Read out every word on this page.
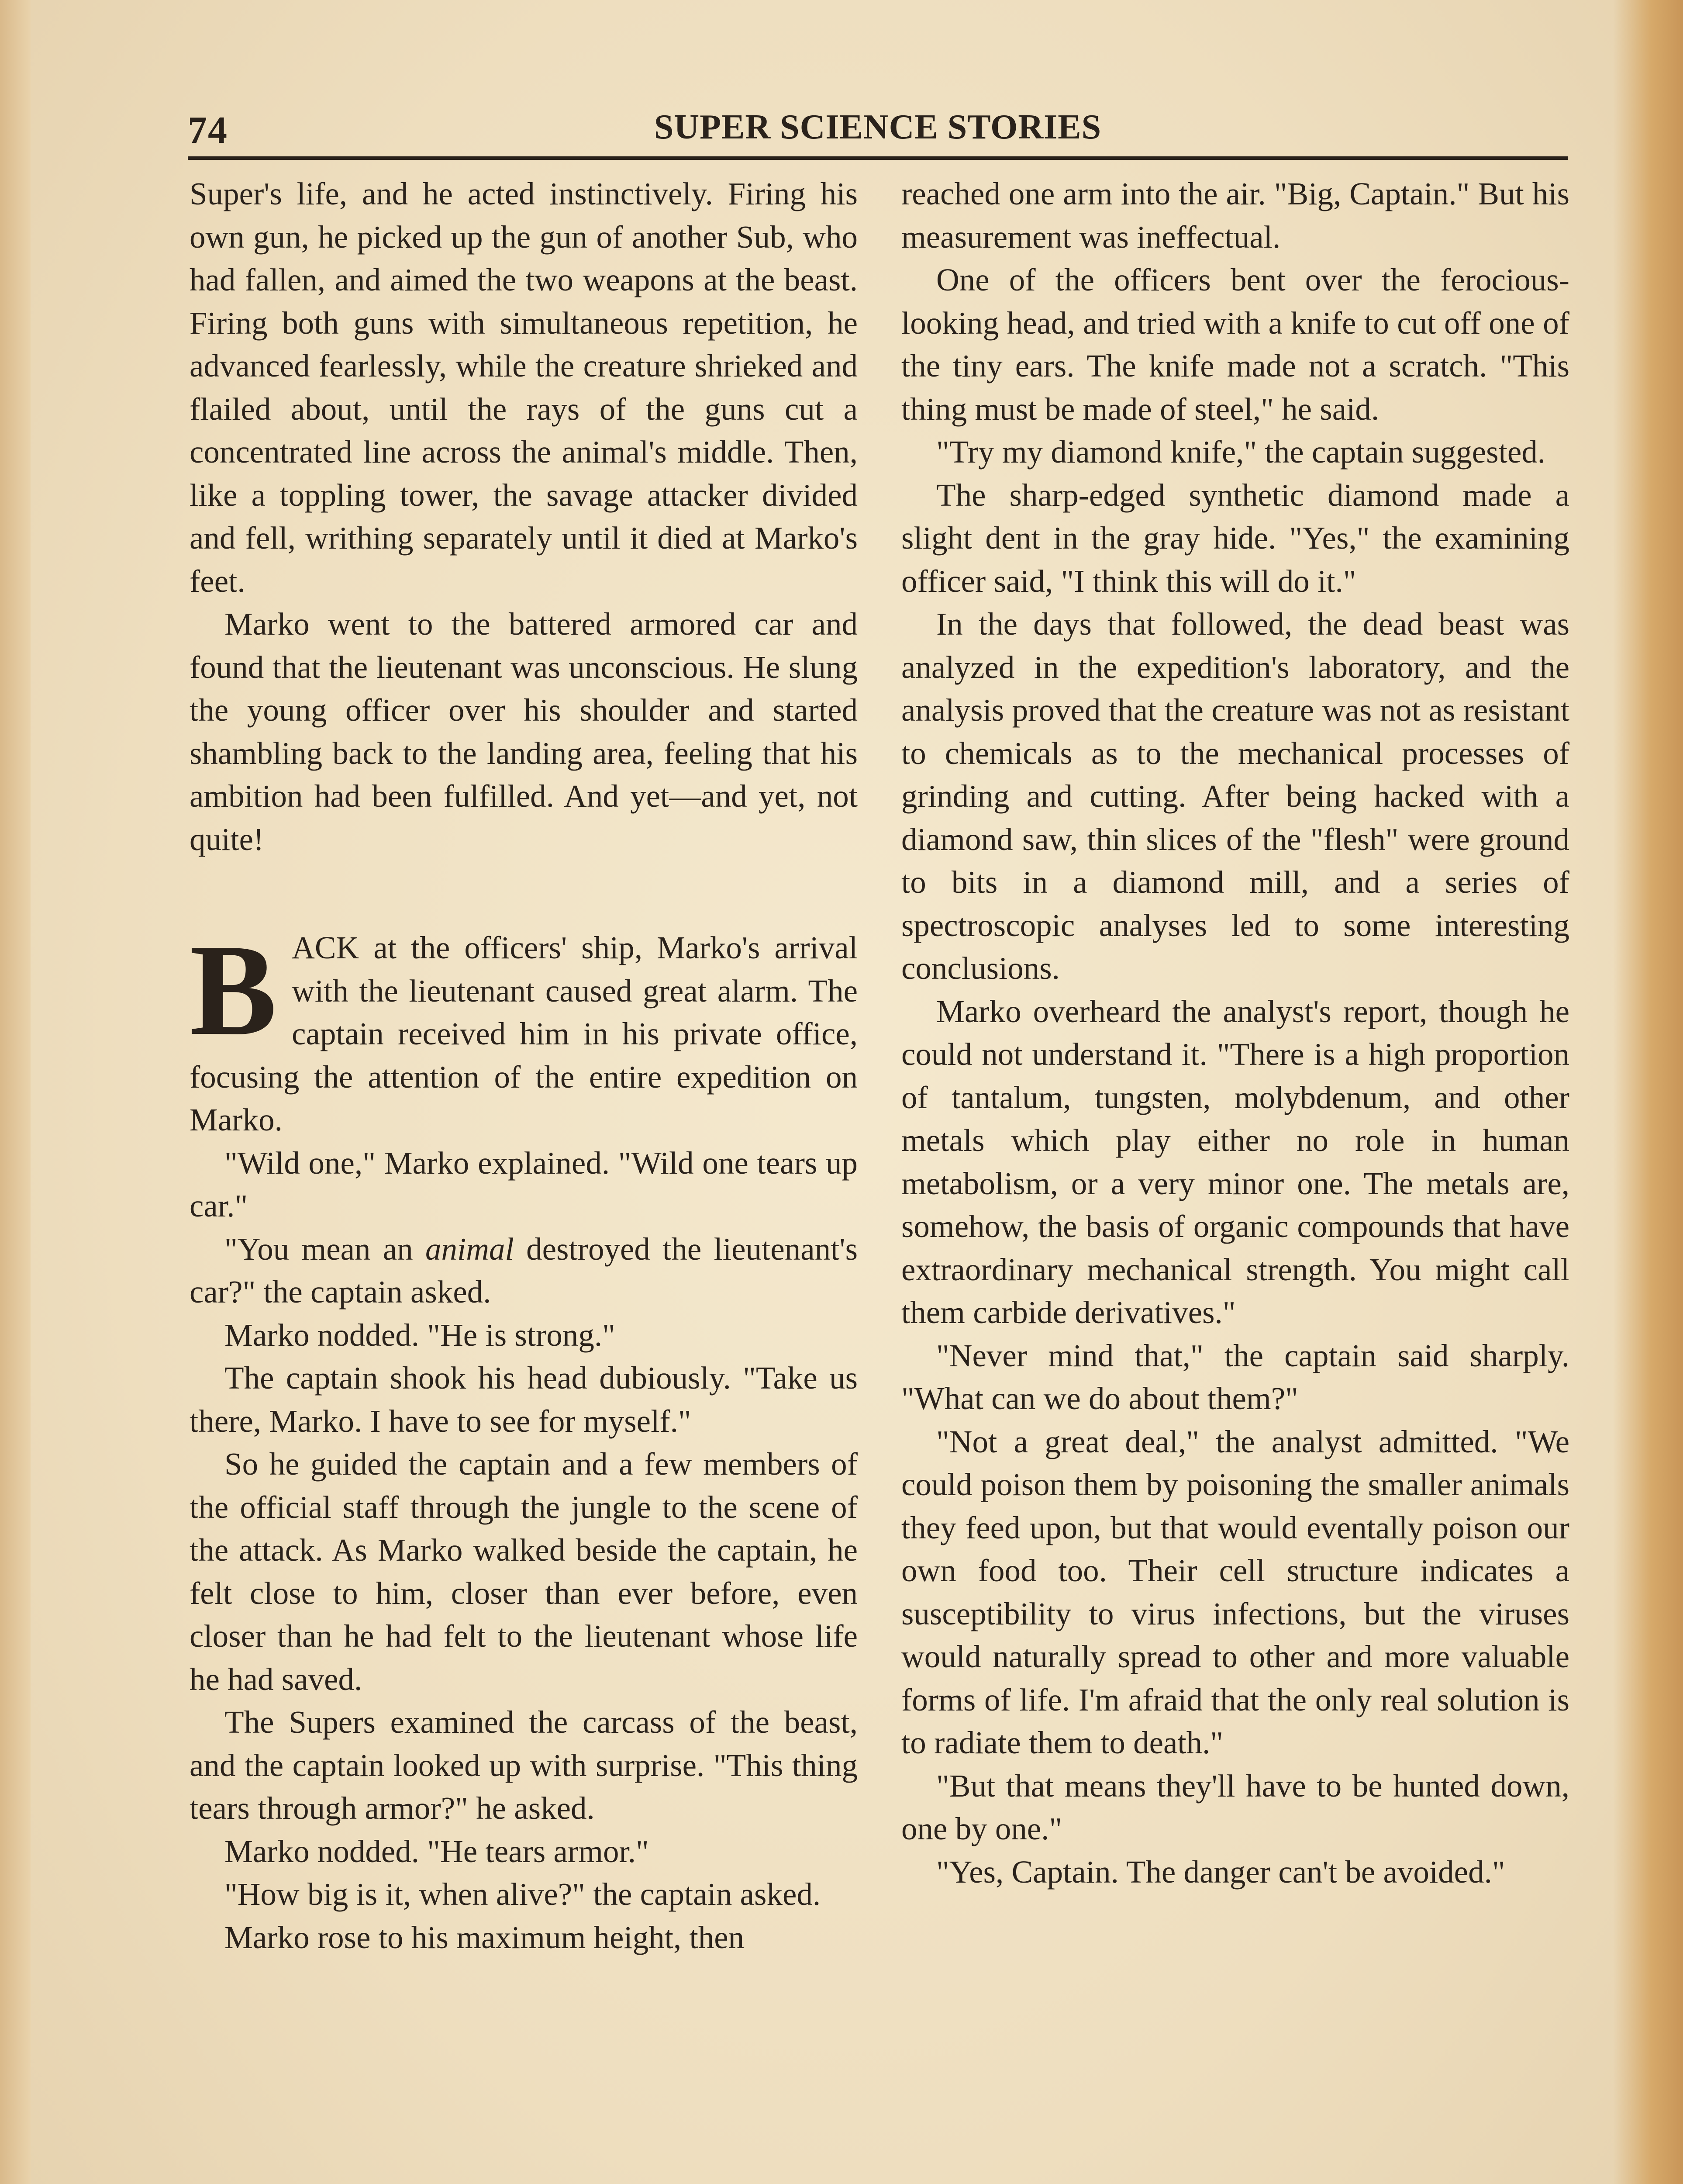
74	SUPER SCIENCE STORIES

Super's life, and he acted instinctively. Firing his own gun, he picked up the gun of another Sub, who had fallen, and aimed the two weapons at the beast. Firing both guns with simultaneous repetition, he advanced fearlessly, while the creature shrieked and flailed about, until the rays of the guns cut a concentrated line across the animal's middle. Then, like a toppling tower, the savage attacker divided and fell, writhing separately until it died at Marko's feet.

Marko went to the battered armored car and found that the lieutenant was unconscious. He slung the young officer over his shoulder and started shambling back to the landing area, feeling that his ambition had been fulfilled. And yet—and yet, not quite!

BACK at the officers' ship, Marko's arrival with the lieutenant caused great alarm. The captain received him in his private office, focusing the attention of the entire expedition on Marko.

"Wild one," Marko explained. "Wild one tears up car."

"You mean an animal destroyed the lieutenant's car?" the captain asked.

Marko nodded. "He is strong."

The captain shook his head dubiously. "Take us there, Marko. I have to see for myself."

So he guided the captain and a few members of the official staff through the jungle to the scene of the attack. As Marko walked beside the captain, he felt close to him, closer than ever before, even closer than he had felt to the lieutenant whose life he had saved.

The Supers examined the carcass of the beast, and the captain looked up with surprise. "This thing tears through armor?" he asked.

Marko nodded. "He tears armor."

"How big is it, when alive?" the captain asked.

Marko rose to his maximum height, then

reached one arm into the air. "Big, Captain." But his measurement was ineffectual.

One of the officers bent over the ferocious-looking head, and tried with a knife to cut off one of the tiny ears. The knife made not a scratch. "This thing must be made of steel," he said.

"Try my diamond knife," the captain suggested.

The sharp-edged synthetic diamond made a slight dent in the gray hide. "Yes," the examining officer said, "I think this will do it."

In the days that followed, the dead beast was analyzed in the expedition's laboratory, and the analysis proved that the creature was not as resistant to chemicals as to the mechanical processes of grinding and cutting. After being hacked with a diamond saw, thin slices of the "flesh" were ground to bits in a diamond mill, and a series of spectroscopic analyses led to some interesting conclusions.

Marko overheard the analyst's report, though he could not understand it. "There is a high proportion of tantalum, tungsten, molybdenum, and other metals which play either no role in human metabolism, or a very minor one. The metals are, somehow, the basis of organic compounds that have extraordinary mechanical strength. You might call them carbide derivatives."

"Never mind that," the captain said sharply. "What can we do about them?"

"Not a great deal," the analyst admitted. "We could poison them by poisoning the smaller animals they feed upon, but that would eventally poison our own food too. Their cell structure indicates a susceptibility to virus infections, but the viruses would naturally spread to other and more valuable forms of life. I'm afraid that the only real solution is to radiate them to death."

"But that means they'll have to be hunted down, one by one."

"Yes, Captain. The danger can't be avoided."
